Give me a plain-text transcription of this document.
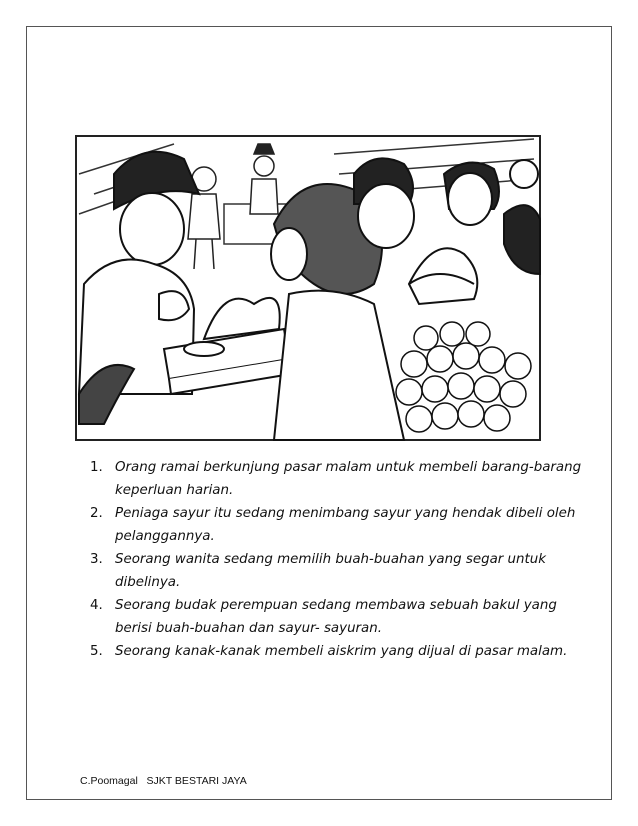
1. Orang ramai berkunjung pasar malam untuk membeli barang-barang keperluan harian.
2. Peniaga sayur itu sedang menimbang sayur yang hendak dibeli oleh pelanggannya.
3. Seorang wanita sedang memilih buah-buahan yang segar untuk dibelinya.
4. Seorang budak perempuan sedang membawa sebuah bakul yang berisi buah-buahan dan sayur- sayuran.
5. Seorang kanak-kanak membeli aiskrim yang dijual di pasar malam.
C.Poomagal   SJKT BESTARI JAYA
